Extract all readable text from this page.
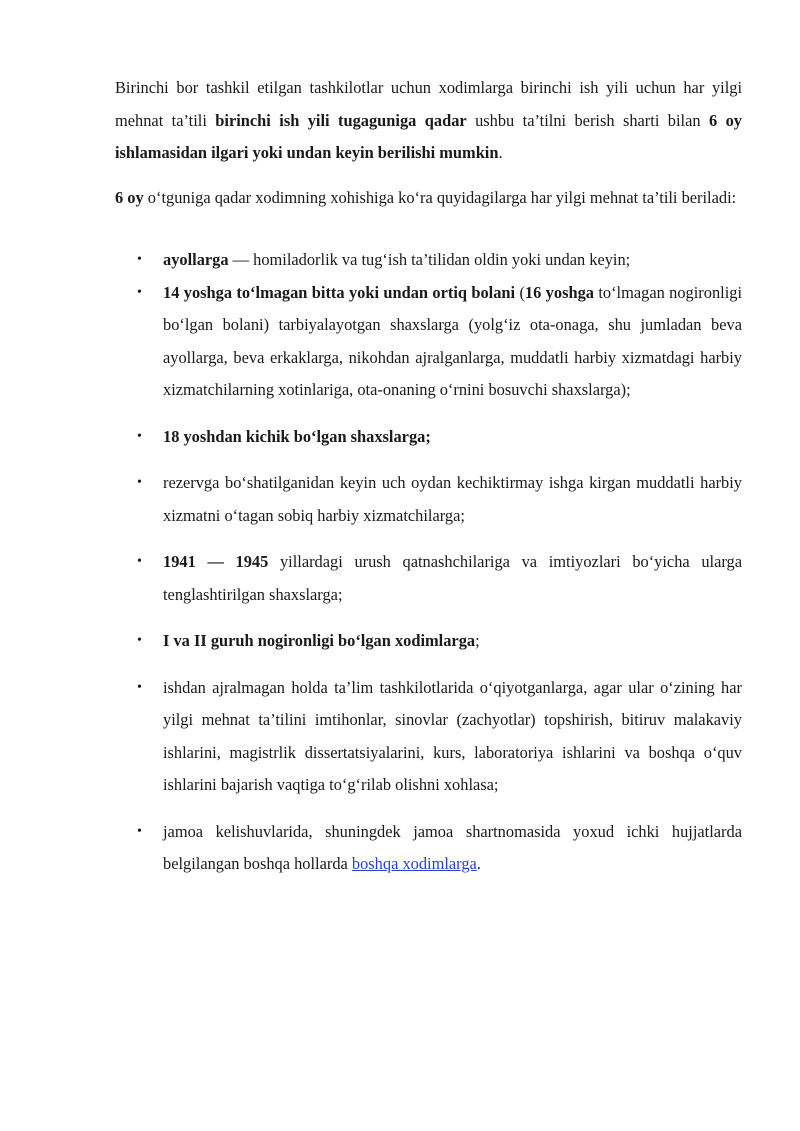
Birinchi bor tashkil etilgan tashkilotlar uchun xodimlarga birinchi ish yili uchun har yilgi mehnat ta’tili birinchi ish yili tugaguniga qadar ushbu ta’tilni berish sharti bilan 6 oy ishlamasidan ilgari yoki undan keyin berilishi mumkin.

6 oy o‘tguniga qadar xodimning xohishiga ko‘ra quyidagilarga har yilgi mehnat ta’tili beriladi:

• ayollarga — homiladorlik va tug‘ish ta’tilidan oldin yoki undan keyin;
• 14 yoshga to‘lmagan bitta yoki undan ortiq bolani (16 yoshga to‘lmagan nogironligi bo‘lgan bolani) tarbiyalayotgan shaxslarga (yolg‘iz ota-onaga, shu jumladan beva ayollarga, beva erkaklarga, nikohdan ajralganlarga, muddatli harbiy xizmatdagi harbiy xizmatchilarning xotinlariga, ota-onaning o‘rnini bosuvchi shaxslarga);
• 18 yoshdan kichik bo‘lgan shaxslarga;
• rezervga bo‘shatilganidan keyin uch oydan kechiktirmay ishga kirgan muddatli harbiy xizmatni o‘tagan sobiq harbiy xizmatchilarga;
• 1941 — 1945 yillardagi urush qatnashchilariga va imtiyozlari bo‘yicha ularga tenglashtirilgan shaxslarga;
• I va II guruh nogironligi bo‘lgan xodimlarga;
• ishdan ajralmagan holda ta’lim tashkilotlarida o‘qiyotganlarga, agar ular o‘zining har yilgi mehnat ta’tilini imtihonlar, sinovlar (zachyotlar) topshirish, bitiruv malakaviy ishlarini, magistrlik dissertatsiyalarini, kurs, laboratoriya ishlarini va boshqa o‘quv ishlarini bajarish vaqtiga to‘g‘rilab olishni xohlasa;
• jamoa kelishuvlarida, shuningdek jamoa shartnomasida yoxud ichki hujjatlarda belgilangan boshqa hollarda boshqa xodimlarga.
